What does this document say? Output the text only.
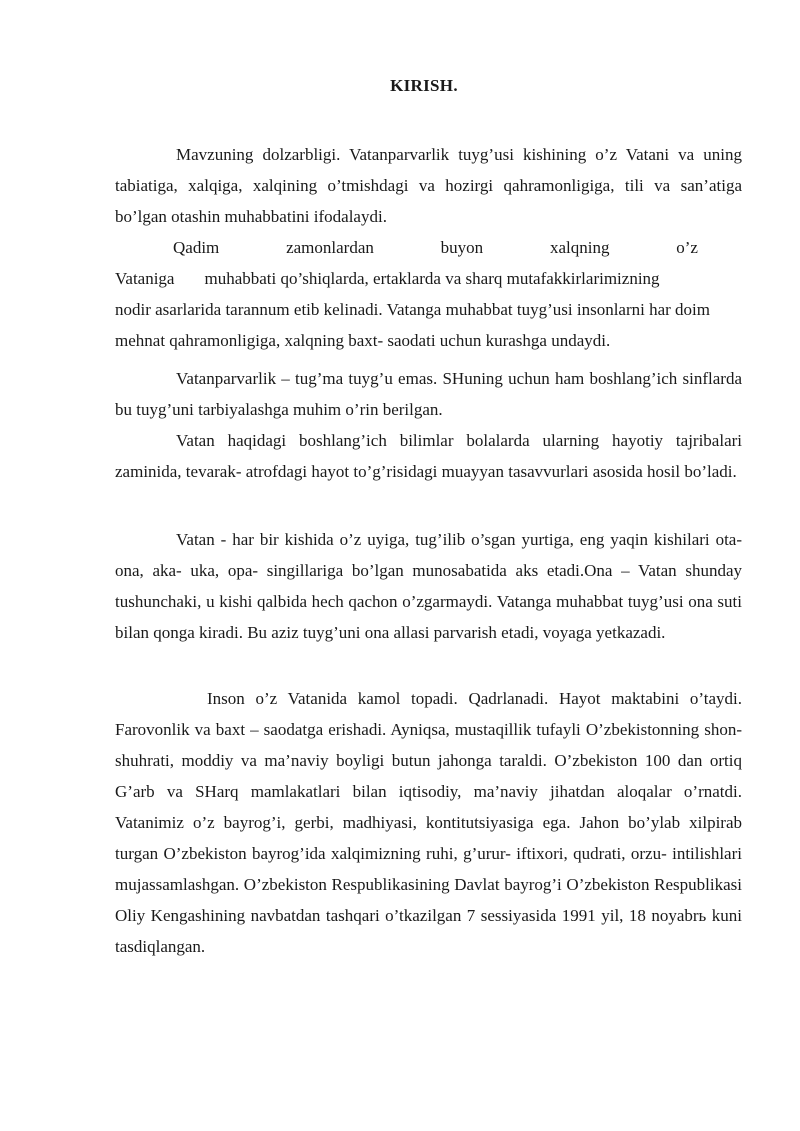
KIRISH.

Mavzuning dolzarbligi. Vatanparvarlik tuyg’usi kishining o’z Vatani va uning tabiatiga, xalqiga, xalqining o’tmishdagi va hozirgi qahramonligiga, tili va san’atiga bo’lgan otashin muhabbatini ifodalaydi.

Qadim	zamonlardan	buyon	xalqning	o’z
Vataniga muhabbati qo’shiqlarda, ertaklarda va sharq mutafakkirlarimizning
nodir asarlarida tarannum etib kelinadi. Vatanga muhabbat tuyg’usi insonlarni har doim mehnat qahramonligiga, xalqning baxt- saodati uchun kurashga undaydi.

Vatanparvarlik – tug’ma tuyg’u emas. SHuning uchun ham boshlang’ich sinflarda bu tuyg’uni tarbiyalashga muhim o’rin berilgan.

Vatan haqidagi boshlang’ich bilimlar bolalarda ularning hayotiy tajribalari zaminida, tevarak- atrofdagi hayot to’g’risidagi muayyan tasavvurlari asosida hosil bo’ladi.

Vatan - har bir kishida o’z uyiga, tug’ilib o’sgan yurtiga, eng yaqin kishilari ota- ona, aka- uka, opa- singillariga bo’lgan munosabatida aks etadi.Ona – Vatan shunday tushunchaki, u kishi qalbida hech qachon o’zgarmaydi. Vatanga muhabbat tuyg’usi ona suti bilan qonga kiradi. Bu aziz tuyg’uni ona allasi parvarish etadi, voyaga yetkazadi.

Inson o’z Vatanida kamol topadi. Qadrlanadi. Hayot maktabini o’taydi. Farovonlik va baxt – saodatga erishadi. Ayniqsa, mustaqillik tufayli O’zbekistonning shon- shuhrati, moddiy va ma’naviy boyligi butun jahonga taraldi. O’zbekiston 100 dan ortiq G’arb va SHarq mamlakatlari bilan iqtisodiy, ma’naviy jihatdan aloqalar o’rnatdi. Vatanimiz o’z bayrog’i, gerbi, madhiyasi, kontitutsiyasiga ega. Jahon bo’ylab xilpirab turgan O’zbekiston bayrog’ida xalqimizning ruhi, g’urur- iftixori, qudrati, orzu- intilishlari mujassamlashgan. O’zbekiston Respublikasining Davlat bayrog’i O’zbekiston Respublikasi Oliy Kengashining navbatdan tashqari o’tkazilgan 7 sessiyasida 1991 yil, 18 noyabrь kuni tasdiqlangan.
